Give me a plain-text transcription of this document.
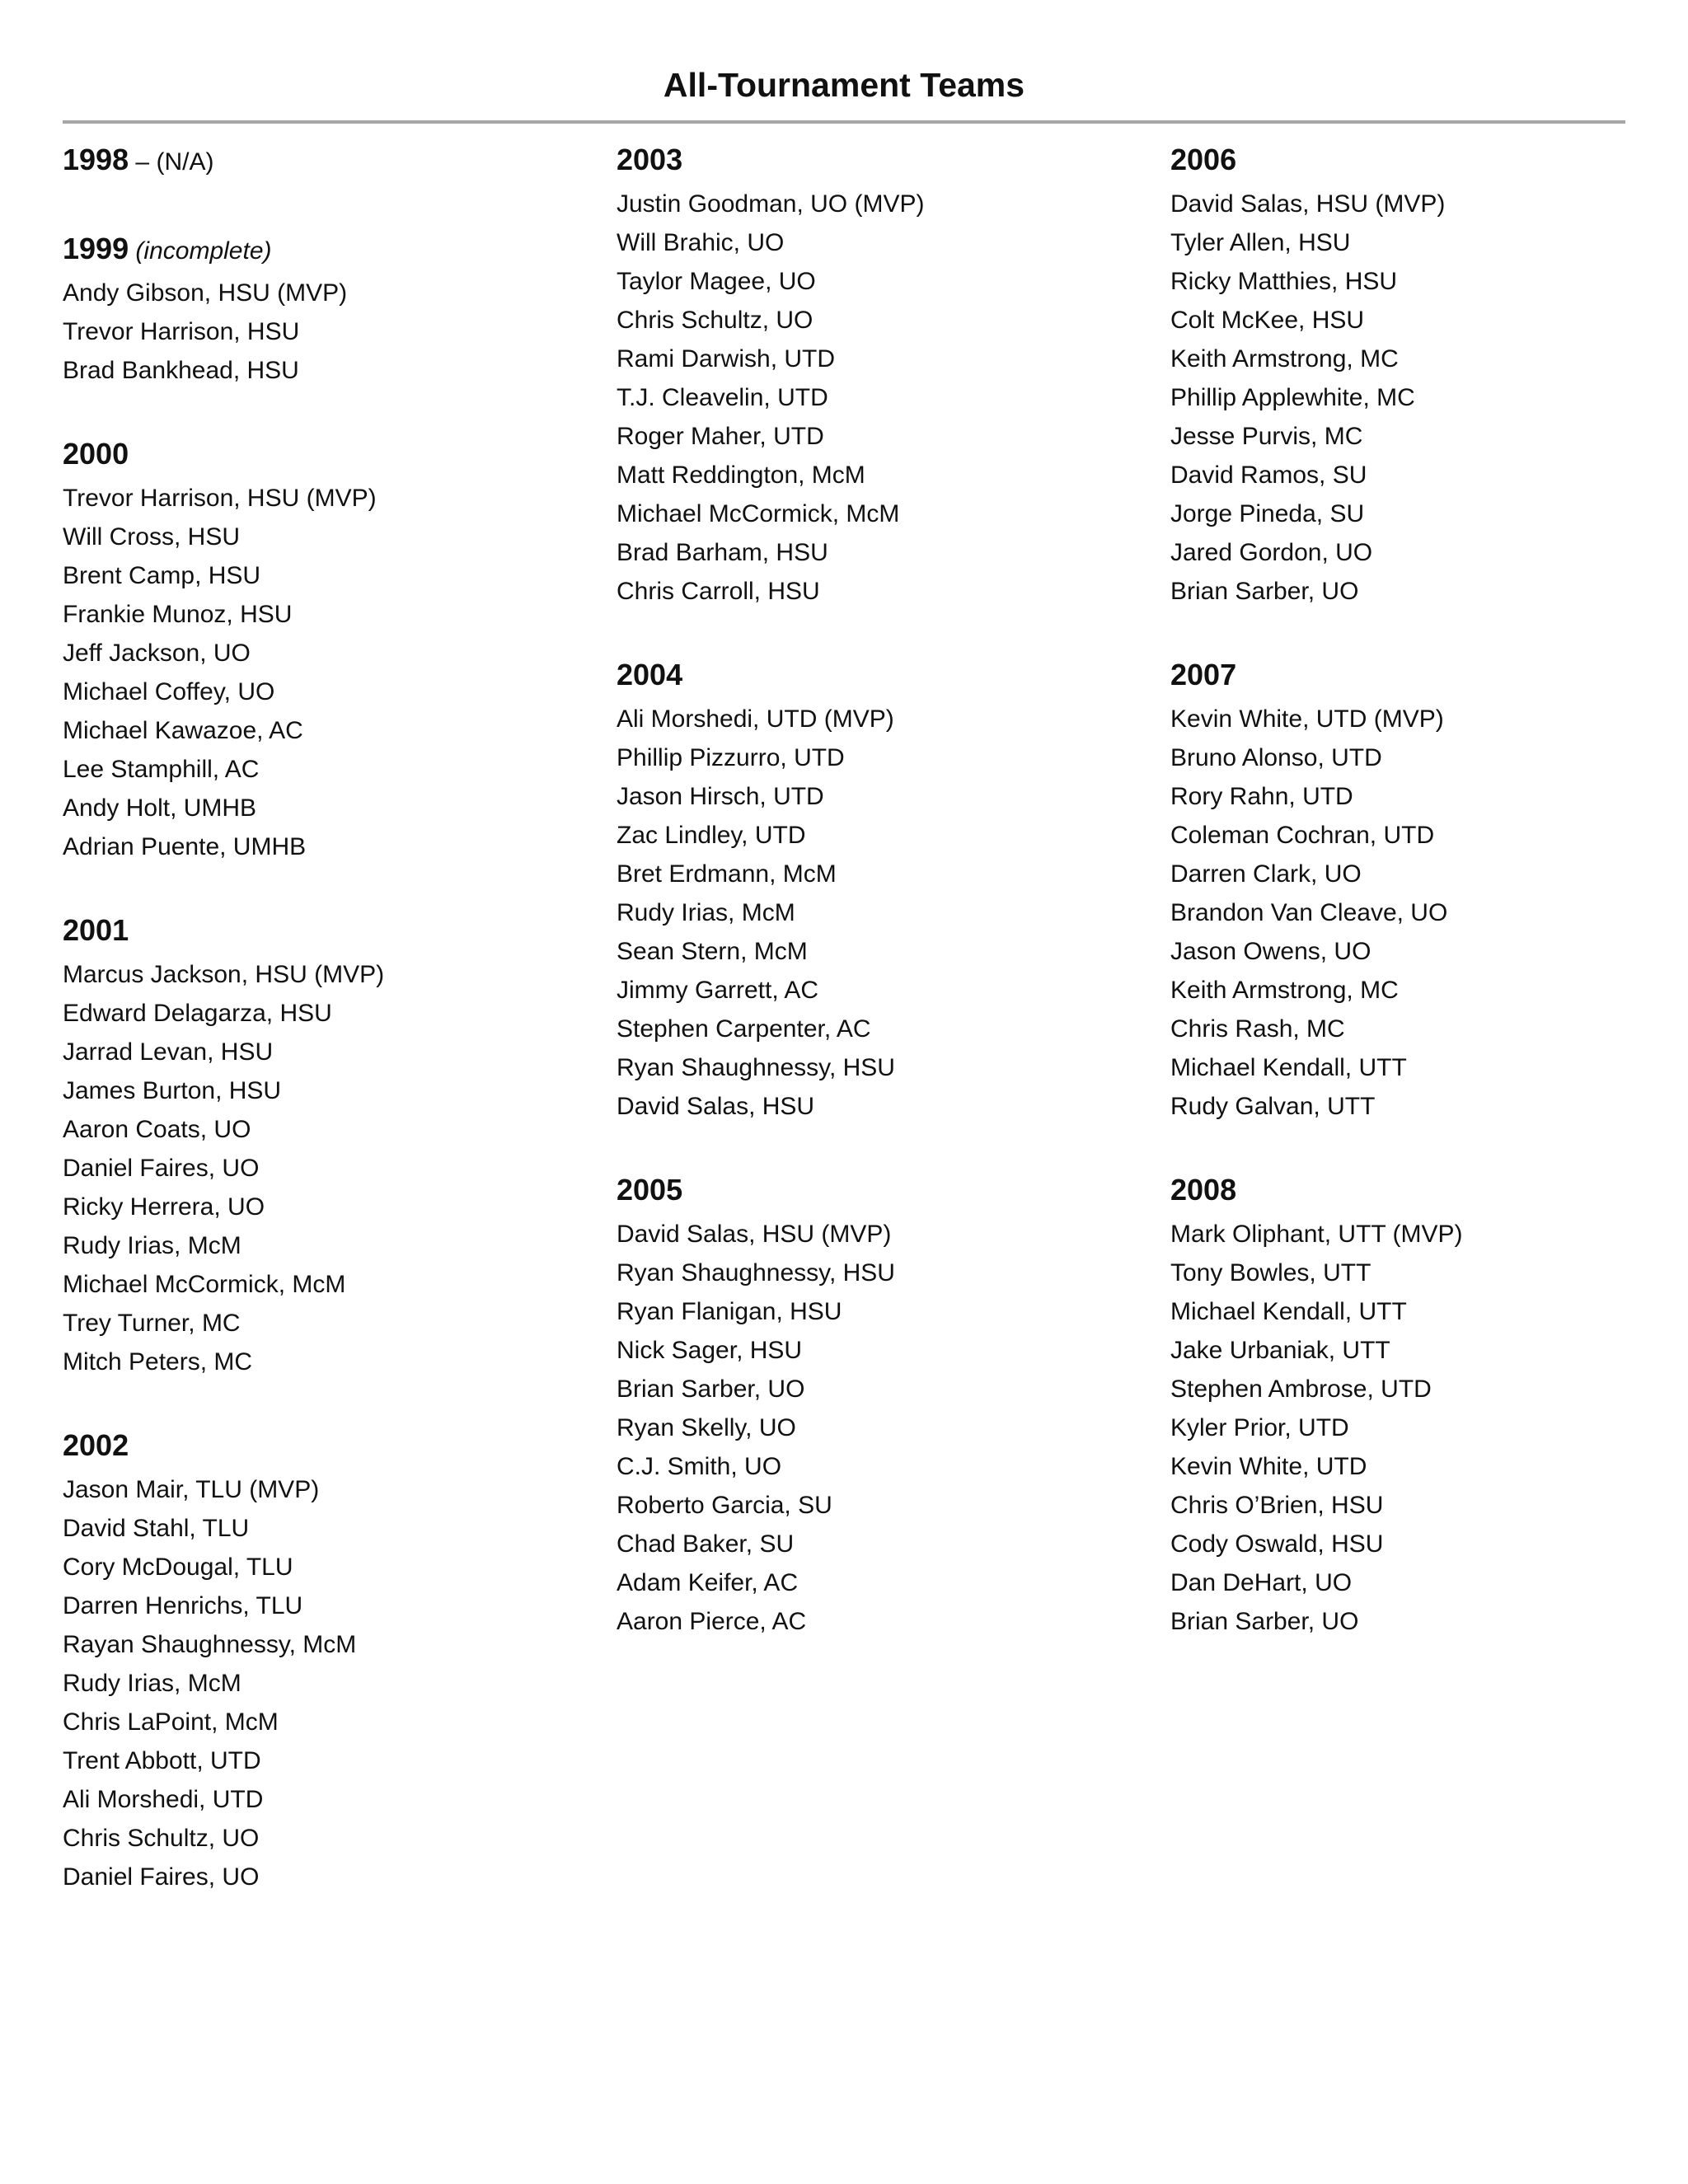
All-Tournament Teams
1998 – (N/A)
1999 (incomplete)
Andy Gibson, HSU (MVP)
Trevor Harrison, HSU
Brad Bankhead, HSU
2000
Trevor Harrison, HSU (MVP)
Will Cross, HSU
Brent Camp, HSU
Frankie Munoz, HSU
Jeff Jackson, UO
Michael Coffey, UO
Michael Kawazoe, AC
Lee Stamphill, AC
Andy Holt, UMHB
Adrian Puente, UMHB
2001
Marcus Jackson, HSU (MVP)
Edward Delagarza, HSU
Jarrad Levan, HSU
James Burton, HSU
Aaron Coats, UO
Daniel Faires, UO
Ricky Herrera, UO
Rudy Irias, McM
Michael McCormick, McM
Trey Turner, MC
Mitch Peters, MC
2002
Jason Mair, TLU (MVP)
David Stahl, TLU
Cory McDougal, TLU
Darren Henrichs, TLU
Rayan Shaughnessy, McM
Rudy Irias, McM
Chris LaPoint, McM
Trent Abbott, UTD
Ali Morshedi, UTD
Chris Schultz, UO
Daniel Faires, UO
2003
Justin Goodman, UO (MVP)
Will Brahic, UO
Taylor Magee, UO
Chris Schultz, UO
Rami Darwish, UTD
T.J. Cleavelin, UTD
Roger Maher, UTD
Matt Reddington, McM
Michael McCormick, McM
Brad Barham, HSU
Chris Carroll, HSU
2004
Ali Morshedi, UTD (MVP)
Phillip Pizzurro, UTD
Jason Hirsch, UTD
Zac Lindley, UTD
Bret Erdmann, McM
Rudy Irias, McM
Sean Stern, McM
Jimmy Garrett, AC
Stephen Carpenter, AC
Ryan Shaughnessy, HSU
David Salas, HSU
2005
David Salas, HSU (MVP)
Ryan Shaughnessy, HSU
Ryan Flanigan, HSU
Nick Sager, HSU
Brian Sarber, UO
Ryan Skelly, UO
C.J. Smith, UO
Roberto Garcia, SU
Chad Baker, SU
Adam Keifer, AC
Aaron Pierce, AC
2006
David Salas, HSU (MVP)
Tyler Allen, HSU
Ricky Matthies, HSU
Colt McKee, HSU
Keith Armstrong, MC
Phillip Applewhite, MC
Jesse Purvis, MC
David Ramos, SU
Jorge Pineda, SU
Jared Gordon, UO
Brian Sarber, UO
2007
Kevin White, UTD (MVP)
Bruno Alonso, UTD
Rory Rahn, UTD
Coleman Cochran, UTD
Darren Clark, UO
Brandon Van Cleave, UO
Jason Owens, UO
Keith Armstrong, MC
Chris Rash, MC
Michael Kendall, UTT
Rudy Galvan, UTT
2008
Mark Oliphant, UTT (MVP)
Tony Bowles, UTT
Michael Kendall, UTT
Jake Urbaniak, UTT
Stephen Ambrose, UTD
Kyler Prior, UTD
Kevin White, UTD
Chris O’Brien, HSU
Cody Oswald, HSU
Dan DeHart, UO
Brian Sarber, UO
